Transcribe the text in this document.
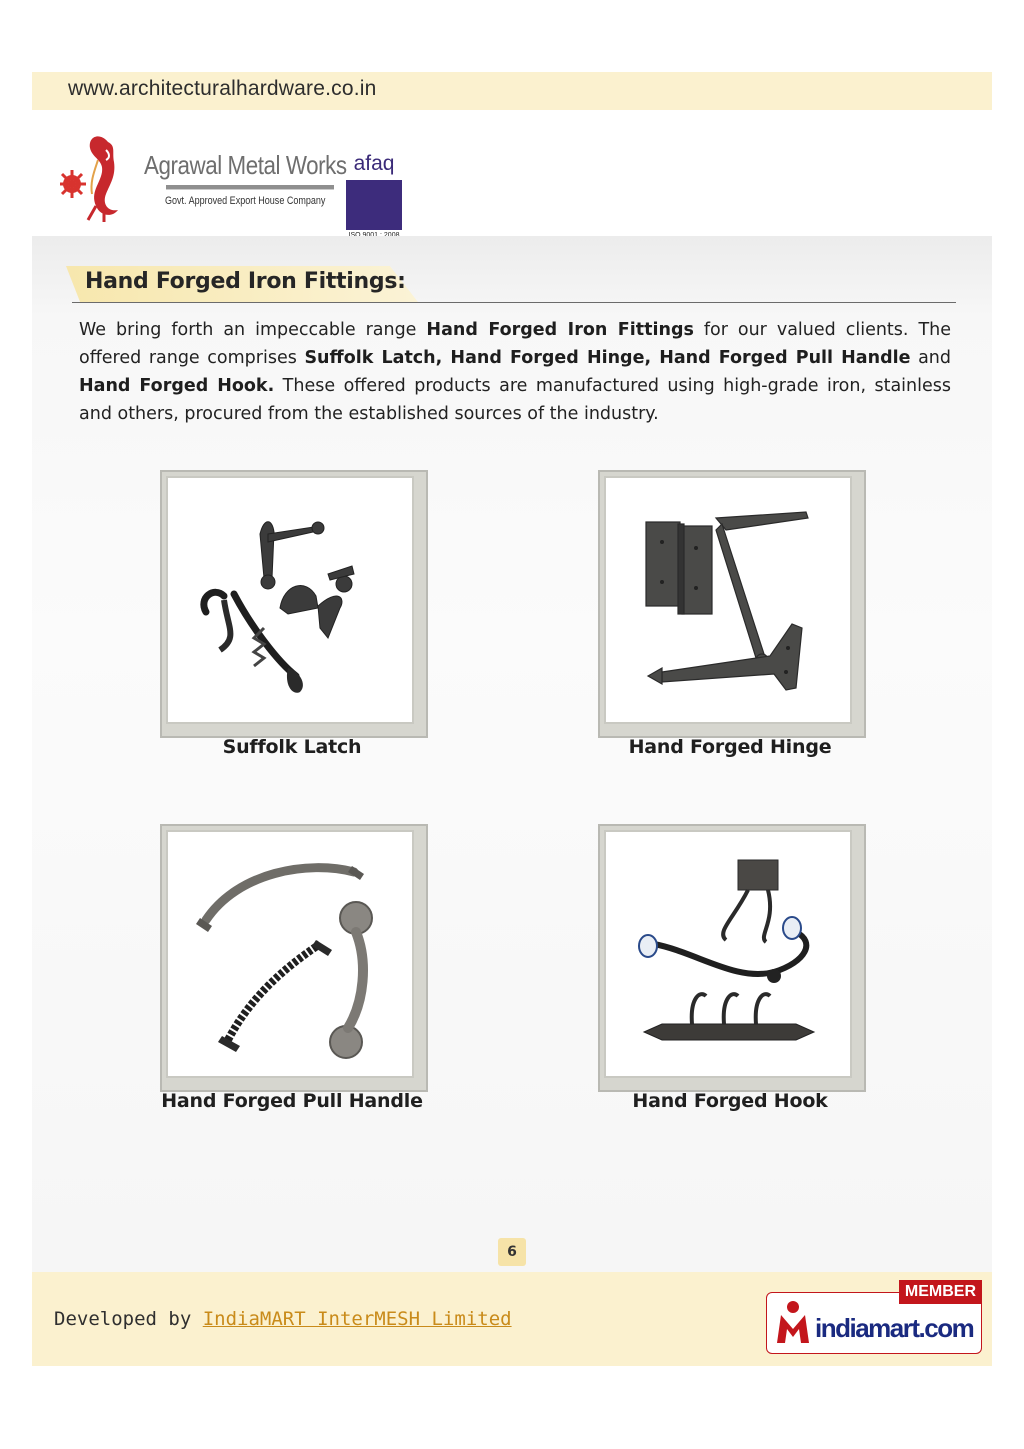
www.architecturalhardware.co.in
Agrawal Metal Works
Govt. Approved Export House Company
afaq
Hand Forged Iron Fittings:
We bring forth an impeccable range Hand Forged Iron Fittings for our valued clients. The offered range comprises Suffolk Latch, Hand Forged Hinge, Hand Forged Pull Handle and Hand Forged Hook. These offered products are manufactured using high-grade iron, stainless and others, procured from the established sources of the industry.
Suffolk Latch	Hand Forged Hinge
Hand Forged Pull Handle	Hand Forged Hook
6
Developed by IndiaMART InterMESH Limited	indiamart.com
MEMBER
